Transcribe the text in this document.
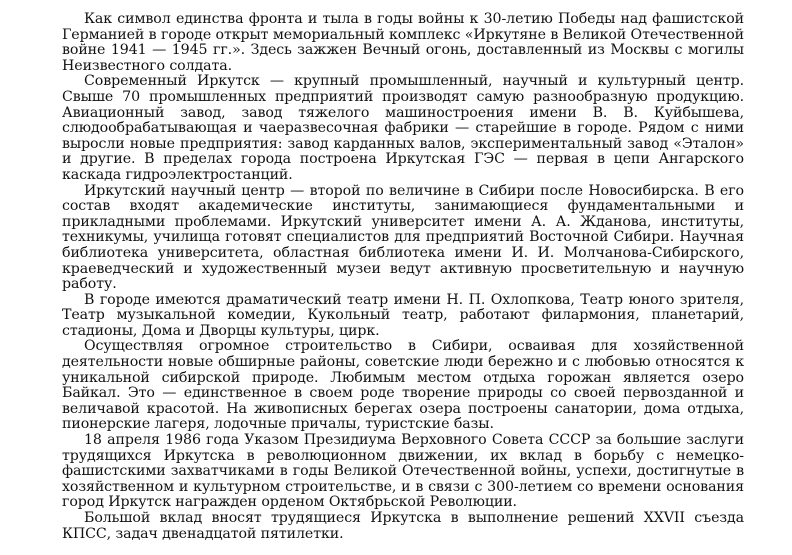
Как символ единства фронта и тыла в годы войны к 30-летию Победы над фашистской Германией в городе открыт мемориальный комплекс «Иркутяне в Великой Отечественной войне 1941 — 1945 гг.». Здесь зажжен Вечный огонь, доставленный из Москвы с могилы Неизвестного солдата.

Современный Иркутск — крупный промышленный, научный и культурный центр. Свыше 70 промышленных предприятий производят самую разнообразную продукцию. Авиационный завод, завод тяжелого машиностроения имени В. В. Куйбышева, слюдообрабатывающая и чаеразвесочная фабрики — старейшие в городе. Рядом с ними выросли новые предприятия: завод карданных валов, экспериментальный завод «Эталон» и другие. В пределах города построена Иркутская ГЭС — первая в цепи Ангарского каскада гидроэлектростанций.

Иркутский научный центр — второй по величине в Сибири после Новосибирска. В его состав входят академические институты, занимающиеся фундаментальными и прикладными проблемами. Иркутский университет имени А. А. Жданова, институты, техникумы, училища готовят специалистов для предприятий Восточной Сибири. Научная библиотека университета, областная библиотека имени И. И. Молчанова-Сибирского, краеведческий и художественный музеи ведут активную просветительную и научную работу.

В городе имеются драматический театр имени Н. П. Охлопкова, Театр юного зрителя, Театр музыкальной комедии, Кукольный театр, работают филармония, планетарий, стадионы, Дома и Дворцы культуры, цирк.

Осуществляя огромное строительство в Сибири, осваивая для хозяйственной деятельности новые обширные районы, советские люди бережно и с любовью относятся к уникальной сибирской природе. Любимым местом отдыха горожан является озеро Байкал. Это — единственное в своем роде творение природы со своей первозданной и величавой красотой. На живописных берегах озера построены санатории, дома отдыха, пионерские лагеря, лодочные причалы, туристские базы.

18 апреля 1986 года Указом Президиума Верховного Совета СССР за большие заслуги трудящихся Иркутска в революционном движении, их вклад в борьбу с немецко-фашистскими захватчиками в годы Великой Отечественной войны, успехи, достигнутые в хозяйственном и культурном строительстве, и в связи с 300-летием со времени основания город Иркутск награжден орденом Октябрьской Революции.

Большой вклад вносят трудящиеся Иркутска в выполнение решений XXVII съезда КПСС, задач двенадцатой пятилетки.
